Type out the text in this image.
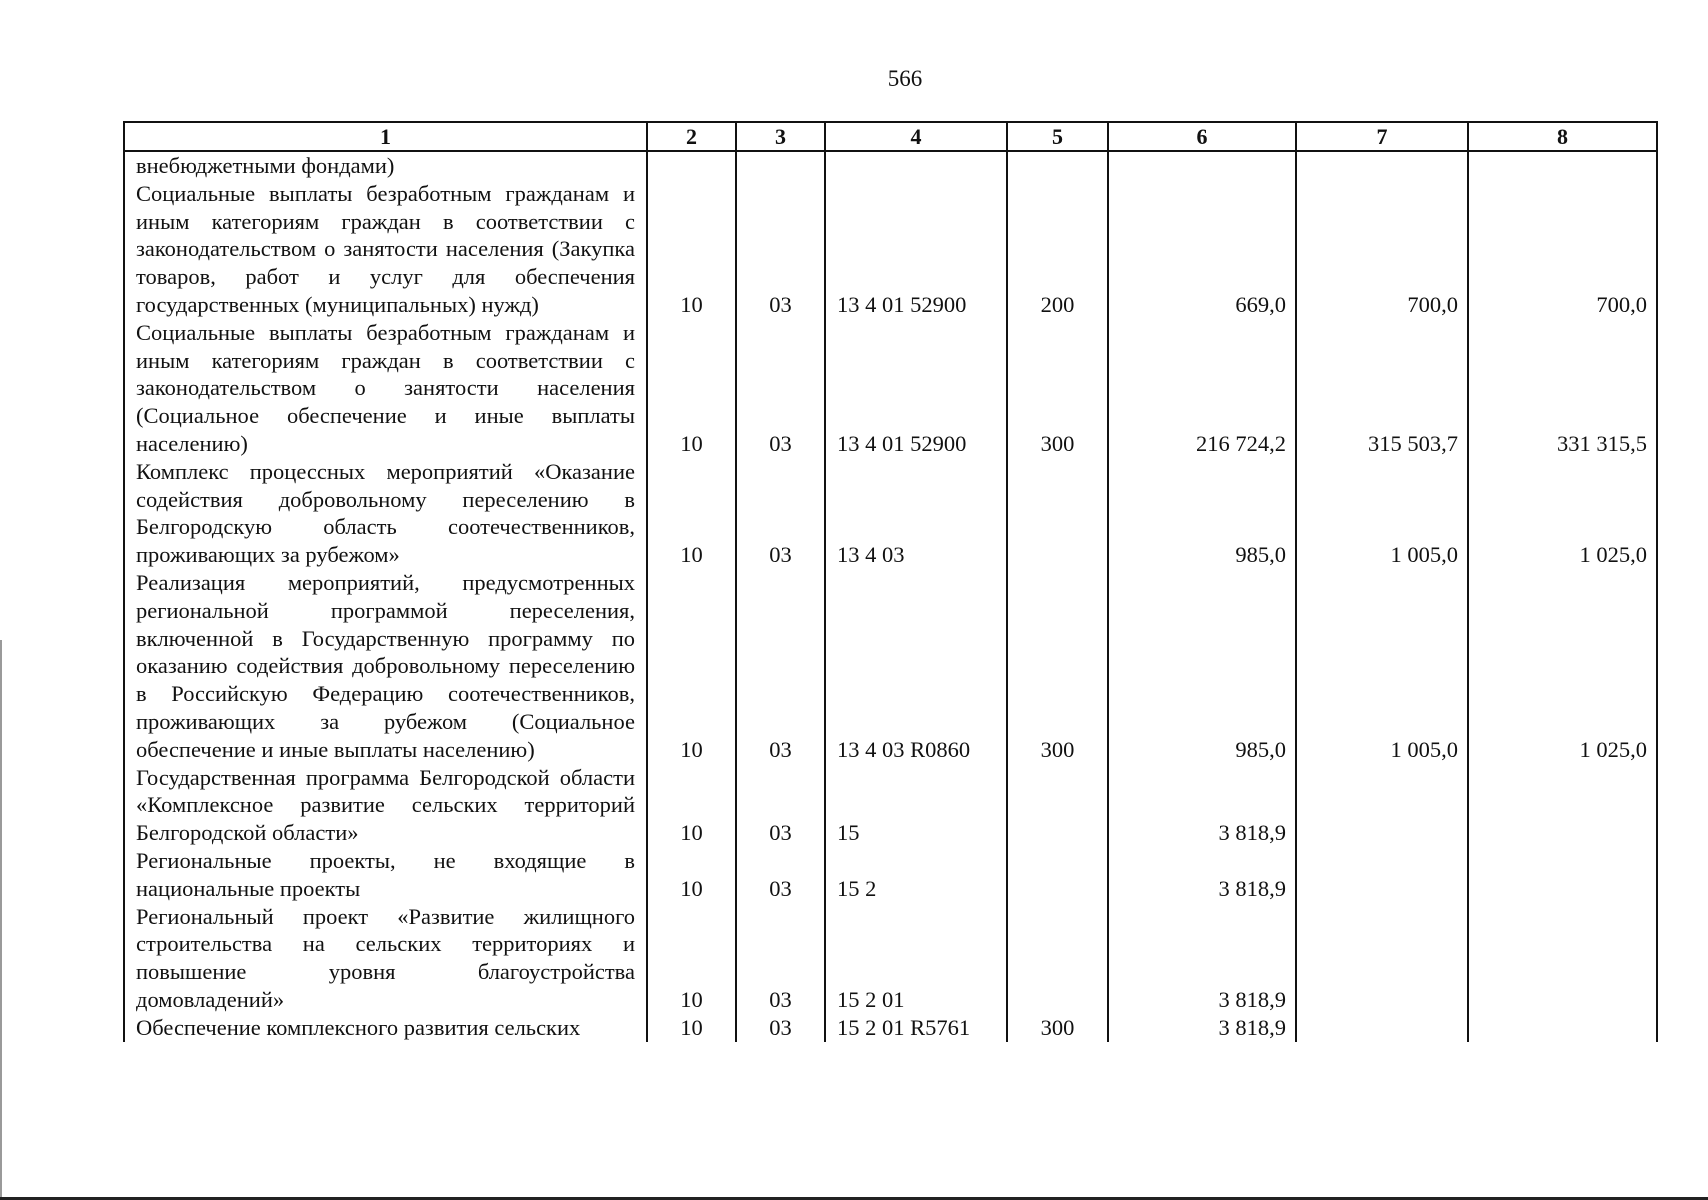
566
1	2	3	4	5	6	7	8
внебюджетными фондами)							
Социальные выплаты безработным гражданам и иным категориям граждан в соответствии с законодательством о занятости населения (Закупка товаров, работ и услуг для обеспечения государственных (муниципальных) нужд)	10	03	13 4 01 52900	200	669,0	700,0	700,0
Социальные выплаты безработным гражданам и иным категориям граждан в соответствии с законодательством о занятости населения (Социальное обеспечение и иные выплаты населению)	10	03	13 4 01 52900	300	216 724,2	315 503,7	331 315,5
Комплекс процессных мероприятий «Оказание содействия добровольному переселению в Белгородскую область соотечественников, проживающих за рубежом»	10	03	13 4 03		985,0	1 005,0	1 025,0
Реализация мероприятий, предусмотренных региональной программой переселения, включенной в Государственную программу по оказанию содействия добровольному переселению в Российскую Федерацию соотечественников, проживающих за рубежом (Социальное обеспечение и иные выплаты населению)	10	03	13 4 03 R0860	300	985,0	1 005,0	1 025,0
Государственная программа Белгородской области «Комплексное развитие сельских территорий Белгородской области»	10	03	15		3 818,9		
Региональные проекты, не входящие в национальные проекты	10	03	15 2		3 818,9		
Региональный проект «Развитие жилищного строительства на сельских территориях и повышение уровня благоустройства домовладений»	10	03	15 2 01		3 818,9		
Обеспечение комплексного развития сельских	10	03	15 2 01 R5761	300	3 818,9		
